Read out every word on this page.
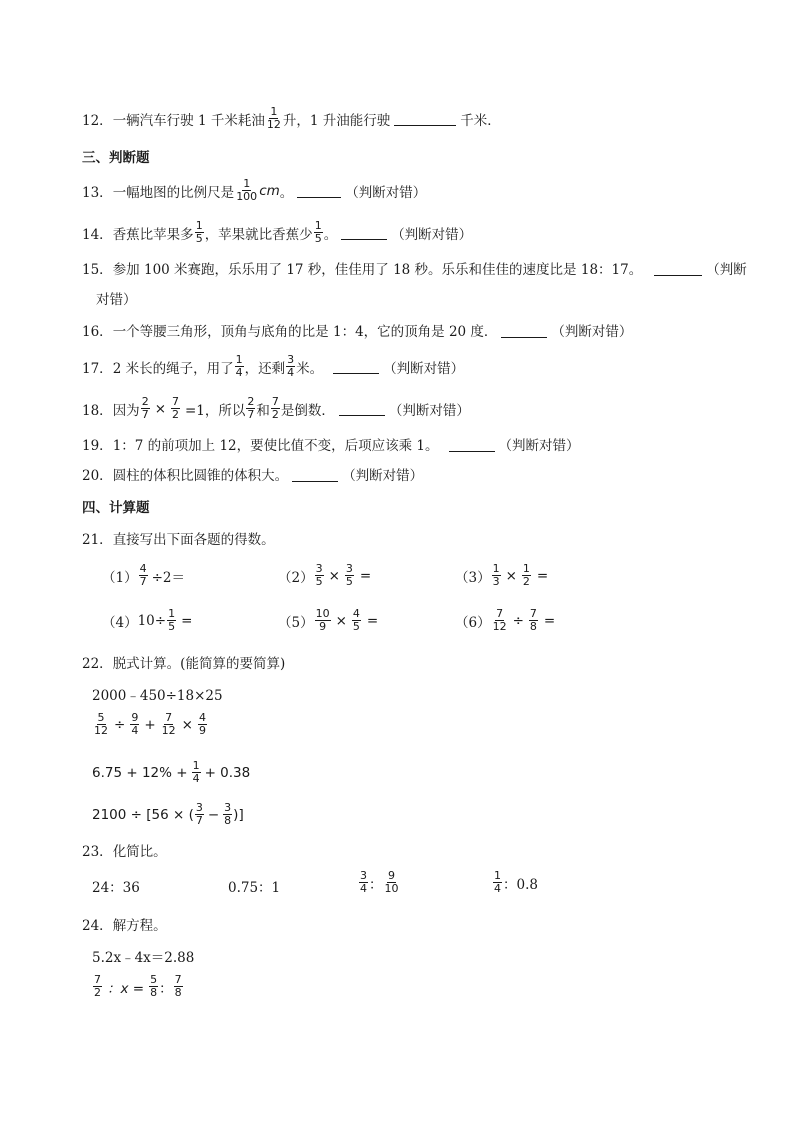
12． 一辆汽车行驶 1 千米耗油 $\frac{1}{12}$ 升，1 升油能行驶	千米．
三、判断题
13． 一幅地图的比例尺是 $\frac{1}{100}$ cm 。	（判断对错）
14． 香蕉比苹果多 $\frac{1}{5}$ ，苹果就比香蕉少 $\frac{1}{5}$ 。	（判断对错）
15． 参加 100 米赛跑，乐乐用了 17 秒，佳佳用了 18 秒。乐乐和佳佳的速度比是 18：17。	（判断
对错）
16． 一个等腰三角形，顶角与底角的比是 1：4，它的顶角是 20 度．	（判断对错）
17． 2 米长的绳子，用了 $\frac{1}{4}$ ，还剩 $\frac{3}{4}$ 米。	（判断对错）
18． 因为 $\frac{2}{7} \times \frac{7}{2} =1$，所以 $\frac{2}{7}$ 和 $\frac{7}{2}$ 是倒数．	（判断对错）
19． 1：7 的前项加上 12，要使比值不变，后项应该乘 1。	（判断对错）
20． 圆柱的体积比圆锥的体积大。	（判断对错）
四、计算题
21． 直接写出下面各题的得数。
$(1) \frac{4}{7} \div 2=$	$(2) \frac{3}{5} \times \frac{3}{5}$ =	$(3) \frac{1}{3} \times \frac{1}{2}$ =
（4） $10\div \frac{1}{5}$ =	$(5) \frac{10}{9} \times \frac{4}{5}$ =	$(6) \frac{7}{12} \div \frac{7}{8}$ =
22． 脱式计算。(能简算的要简算)
2000﹣450÷18×25
$\frac{5}{12} \div \frac{9}{4} + \frac{7}{12} \times \frac{4}{9}$
$6.75 + 12\% + \frac{1}{4} + 0.38$
2100 ÷ [56 × ( $\frac{3}{7} - \frac{3}{8}$ )]
23． 化简比。
24：36	0.75：1	$\frac{3}{4}$ ： $\frac{9}{10}$	$\frac{1}{4}$ ：0.8
24． 解方程。
5.2x﹣4x＝2.88
$\frac{7}{2}$ ：$x = \frac{5}{8}$ ： $\frac{7}{8}$
